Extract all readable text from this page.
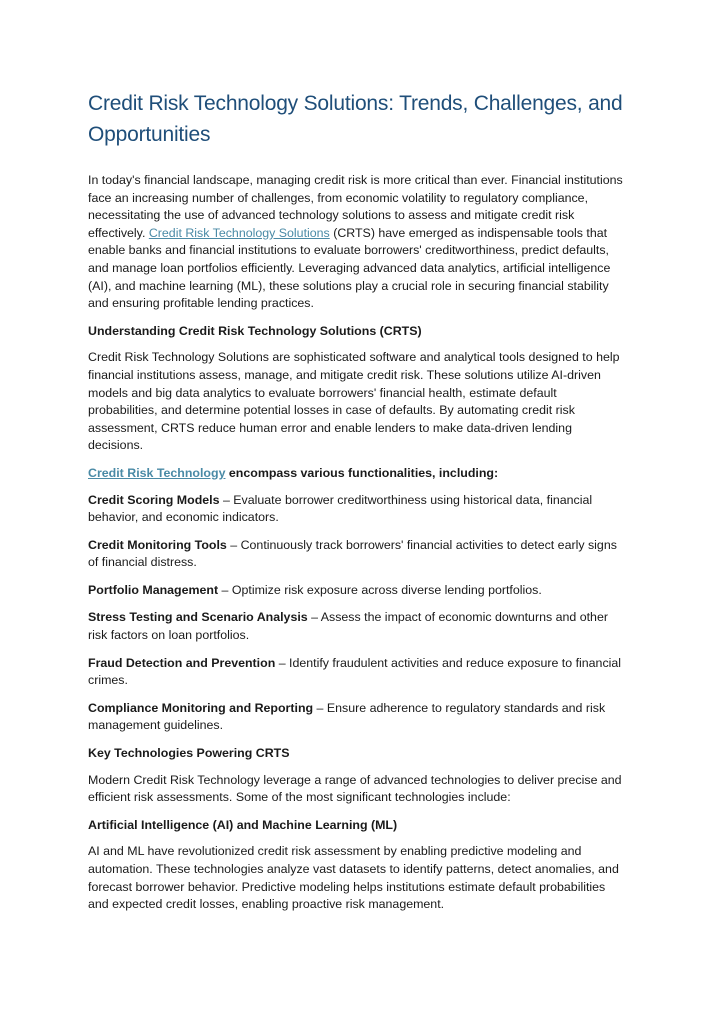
Credit Risk Technology Solutions: Trends, Challenges, and Opportunities

In today's financial landscape, managing credit risk is more critical than ever. Financial institutions face an increasing number of challenges, from economic volatility to regulatory compliance, necessitating the use of advanced technology solutions to assess and mitigate credit risk effectively. Credit Risk Technology Solutions (CRTS) have emerged as indispensable tools that enable banks and financial institutions to evaluate borrowers' creditworthiness, predict defaults, and manage loan portfolios efficiently. Leveraging advanced data analytics, artificial intelligence (AI), and machine learning (ML), these solutions play a crucial role in securing financial stability and ensuring profitable lending practices.

Understanding Credit Risk Technology Solutions (CRTS)

Credit Risk Technology Solutions are sophisticated software and analytical tools designed to help financial institutions assess, manage, and mitigate credit risk. These solutions utilize AI-driven models and big data analytics to evaluate borrowers' financial health, estimate default probabilities, and determine potential losses in case of defaults. By automating credit risk assessment, CRTS reduce human error and enable lenders to make data-driven lending decisions.

Credit Risk Technology encompass various functionalities, including:

Credit Scoring Models – Evaluate borrower creditworthiness using historical data, financial behavior, and economic indicators.

Credit Monitoring Tools – Continuously track borrowers' financial activities to detect early signs of financial distress.

Portfolio Management – Optimize risk exposure across diverse lending portfolios.

Stress Testing and Scenario Analysis – Assess the impact of economic downturns and other risk factors on loan portfolios.

Fraud Detection and Prevention – Identify fraudulent activities and reduce exposure to financial crimes.

Compliance Monitoring and Reporting – Ensure adherence to regulatory standards and risk management guidelines.

Key Technologies Powering CRTS

Modern Credit Risk Technology leverage a range of advanced technologies to deliver precise and efficient risk assessments. Some of the most significant technologies include:

Artificial Intelligence (AI) and Machine Learning (ML)

AI and ML have revolutionized credit risk assessment by enabling predictive modeling and automation. These technologies analyze vast datasets to identify patterns, detect anomalies, and forecast borrower behavior. Predictive modeling helps institutions estimate default probabilities and expected credit losses, enabling proactive risk management.
